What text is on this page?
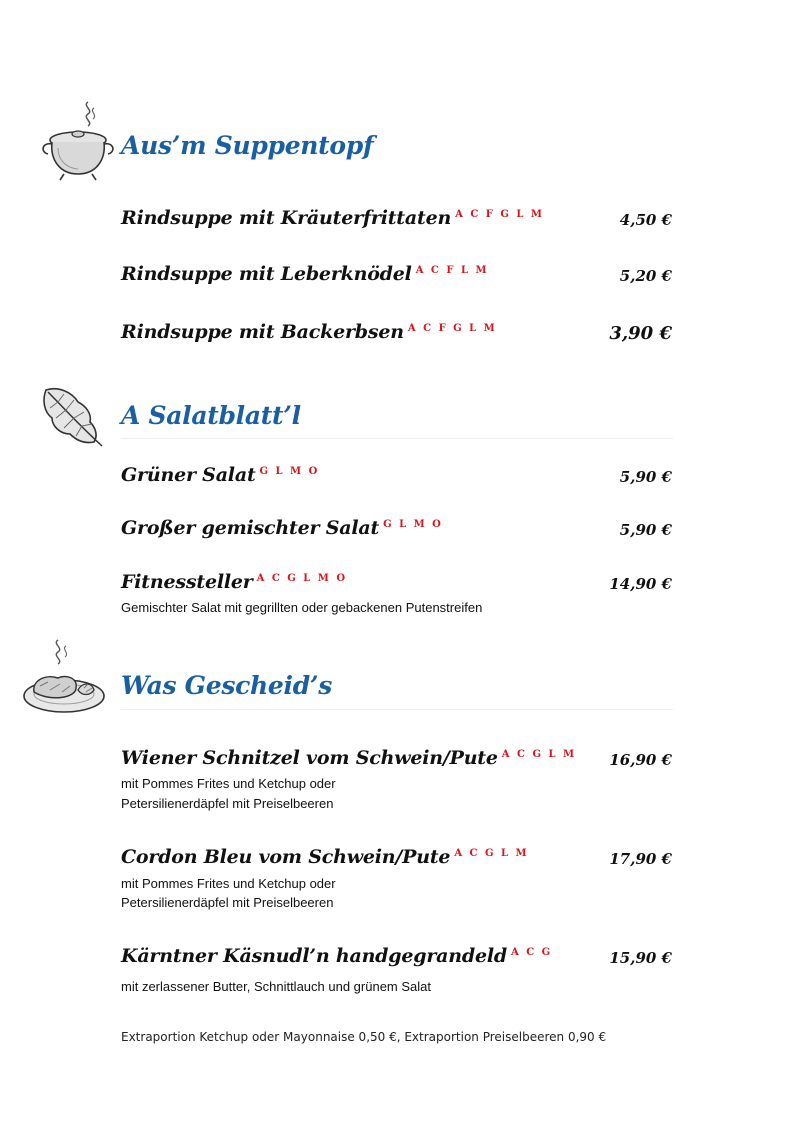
Aus’m Suppentopf

Rindsuppe mit Kräuterfrittaten $^{A C F G L M}$	4,50 €

Rindsuppe mit Leberknödel $^{A C F L M}$	5,20 €

Rindsuppe mit Backerbsen $^{A C F G L M}$	3,90 €

A Salatblatt’l

Grüner Salat $^{G L M O}$	5,90 €

Großer gemischter Salat $^{G L M O}$	5,90 €

Fitnessteller $^{A C G L M O}$	14,90 €

Gemischter Salat mit gegrillten oder gebackenen Putenstreifen

Was Gescheid’s

Wiener Schnitzel vom Schwein/Pute $^{A C G L M}$ 16,90 €

mit Pommes Frites und Ketchup oder

Petersilienerdäpfel mit Preiselbeeren

Cordon Bleu vom Schwein/Pute $^{A C G L M}$	17,90 €

mit Pommes Frites und Ketchup oder

Petersilienerdäpfel mit Preiselbeeren

Kärntner Käsnudl’n handgegrandeld $^{A C G}$	15,90 €

mit zerlassener Butter, Schnittlauch und grünem Salat

Extraportion Ketchup oder Mayonnaise 0,50 €, Extraportion Preiselbeeren 0,90 €
